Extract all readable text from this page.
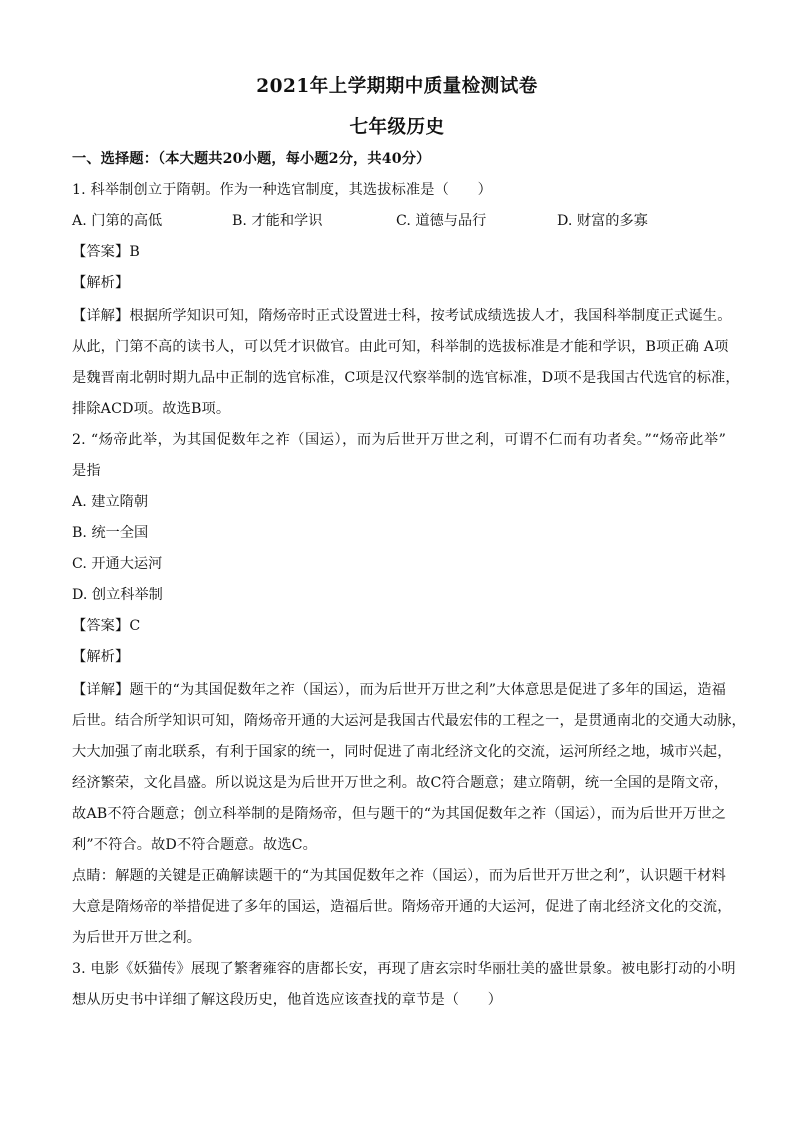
2021年上学期期中质量检测试卷
七年级历史
一、选择题：（本大题共20小题，每小题2分，共40分）
1. 科举制创立于隋朝。作为一种选官制度，其选拔标准是（　　）
A. 门第的高低	B. 才能和学识	C. 道德与品行	D. 财富的多寡
【答案】B
【解析】
【详解】根据所学知识可知，隋炀帝时正式设置进士科，按考试成绩选拔人才，我国科举制度正式诞生。
从此，门第不高的读书人，可以凭才识做官。由此可知，科举制的选拔标准是才能和学识，B项正确 A项
是魏晋南北朝时期九品中正制的选官标准，C项是汉代察举制的选官标准，D项不是我国古代选官的标准，
排除ACD项。故选B项。
2. “炀帝此举，为其国促数年之祚（国运），而为后世开万世之利，可谓不仁而有功者矣。”“炀帝此举”
是指
A. 建立隋朝
B. 统一全国
C. 开通大运河
D. 创立科举制
【答案】C
【解析】
【详解】题干的“为其国促数年之祚（国运），而为后世开万世之利”大体意思是促进了多年的国运，造福
后世。结合所学知识可知，隋炀帝开通的大运河是我国古代最宏伟的工程之一，是贯通南北的交通大动脉，
大大加强了南北联系，有利于国家的统一，同时促进了南北经济文化的交流，运河所经之地，城市兴起，
经济繁荣，文化昌盛。所以说这是为后世开万世之利。故C符合题意；建立隋朝，统一全国的是隋文帝，
故AB不符合题意；创立科举制的是隋炀帝，但与题干的“为其国促数年之祚（国运），而为后世开万世之
利”不符合。故D不符合题意。故选C。
点睛：解题的关键是正确解读题干的“为其国促数年之祚（国运），而为后世开万世之利”，认识题干材料
大意是隋炀帝的举措促进了多年的国运，造福后世。隋炀帝开通的大运河，促进了南北经济文化的交流，
为后世开万世之利。
3. 电影《妖猫传》展现了繁奢雍容的唐都长安，再现了唐玄宗时华丽壮美的盛世景象。被电影打动的小明
想从历史书中详细了解这段历史，他首选应该查找的章节是（　　）
